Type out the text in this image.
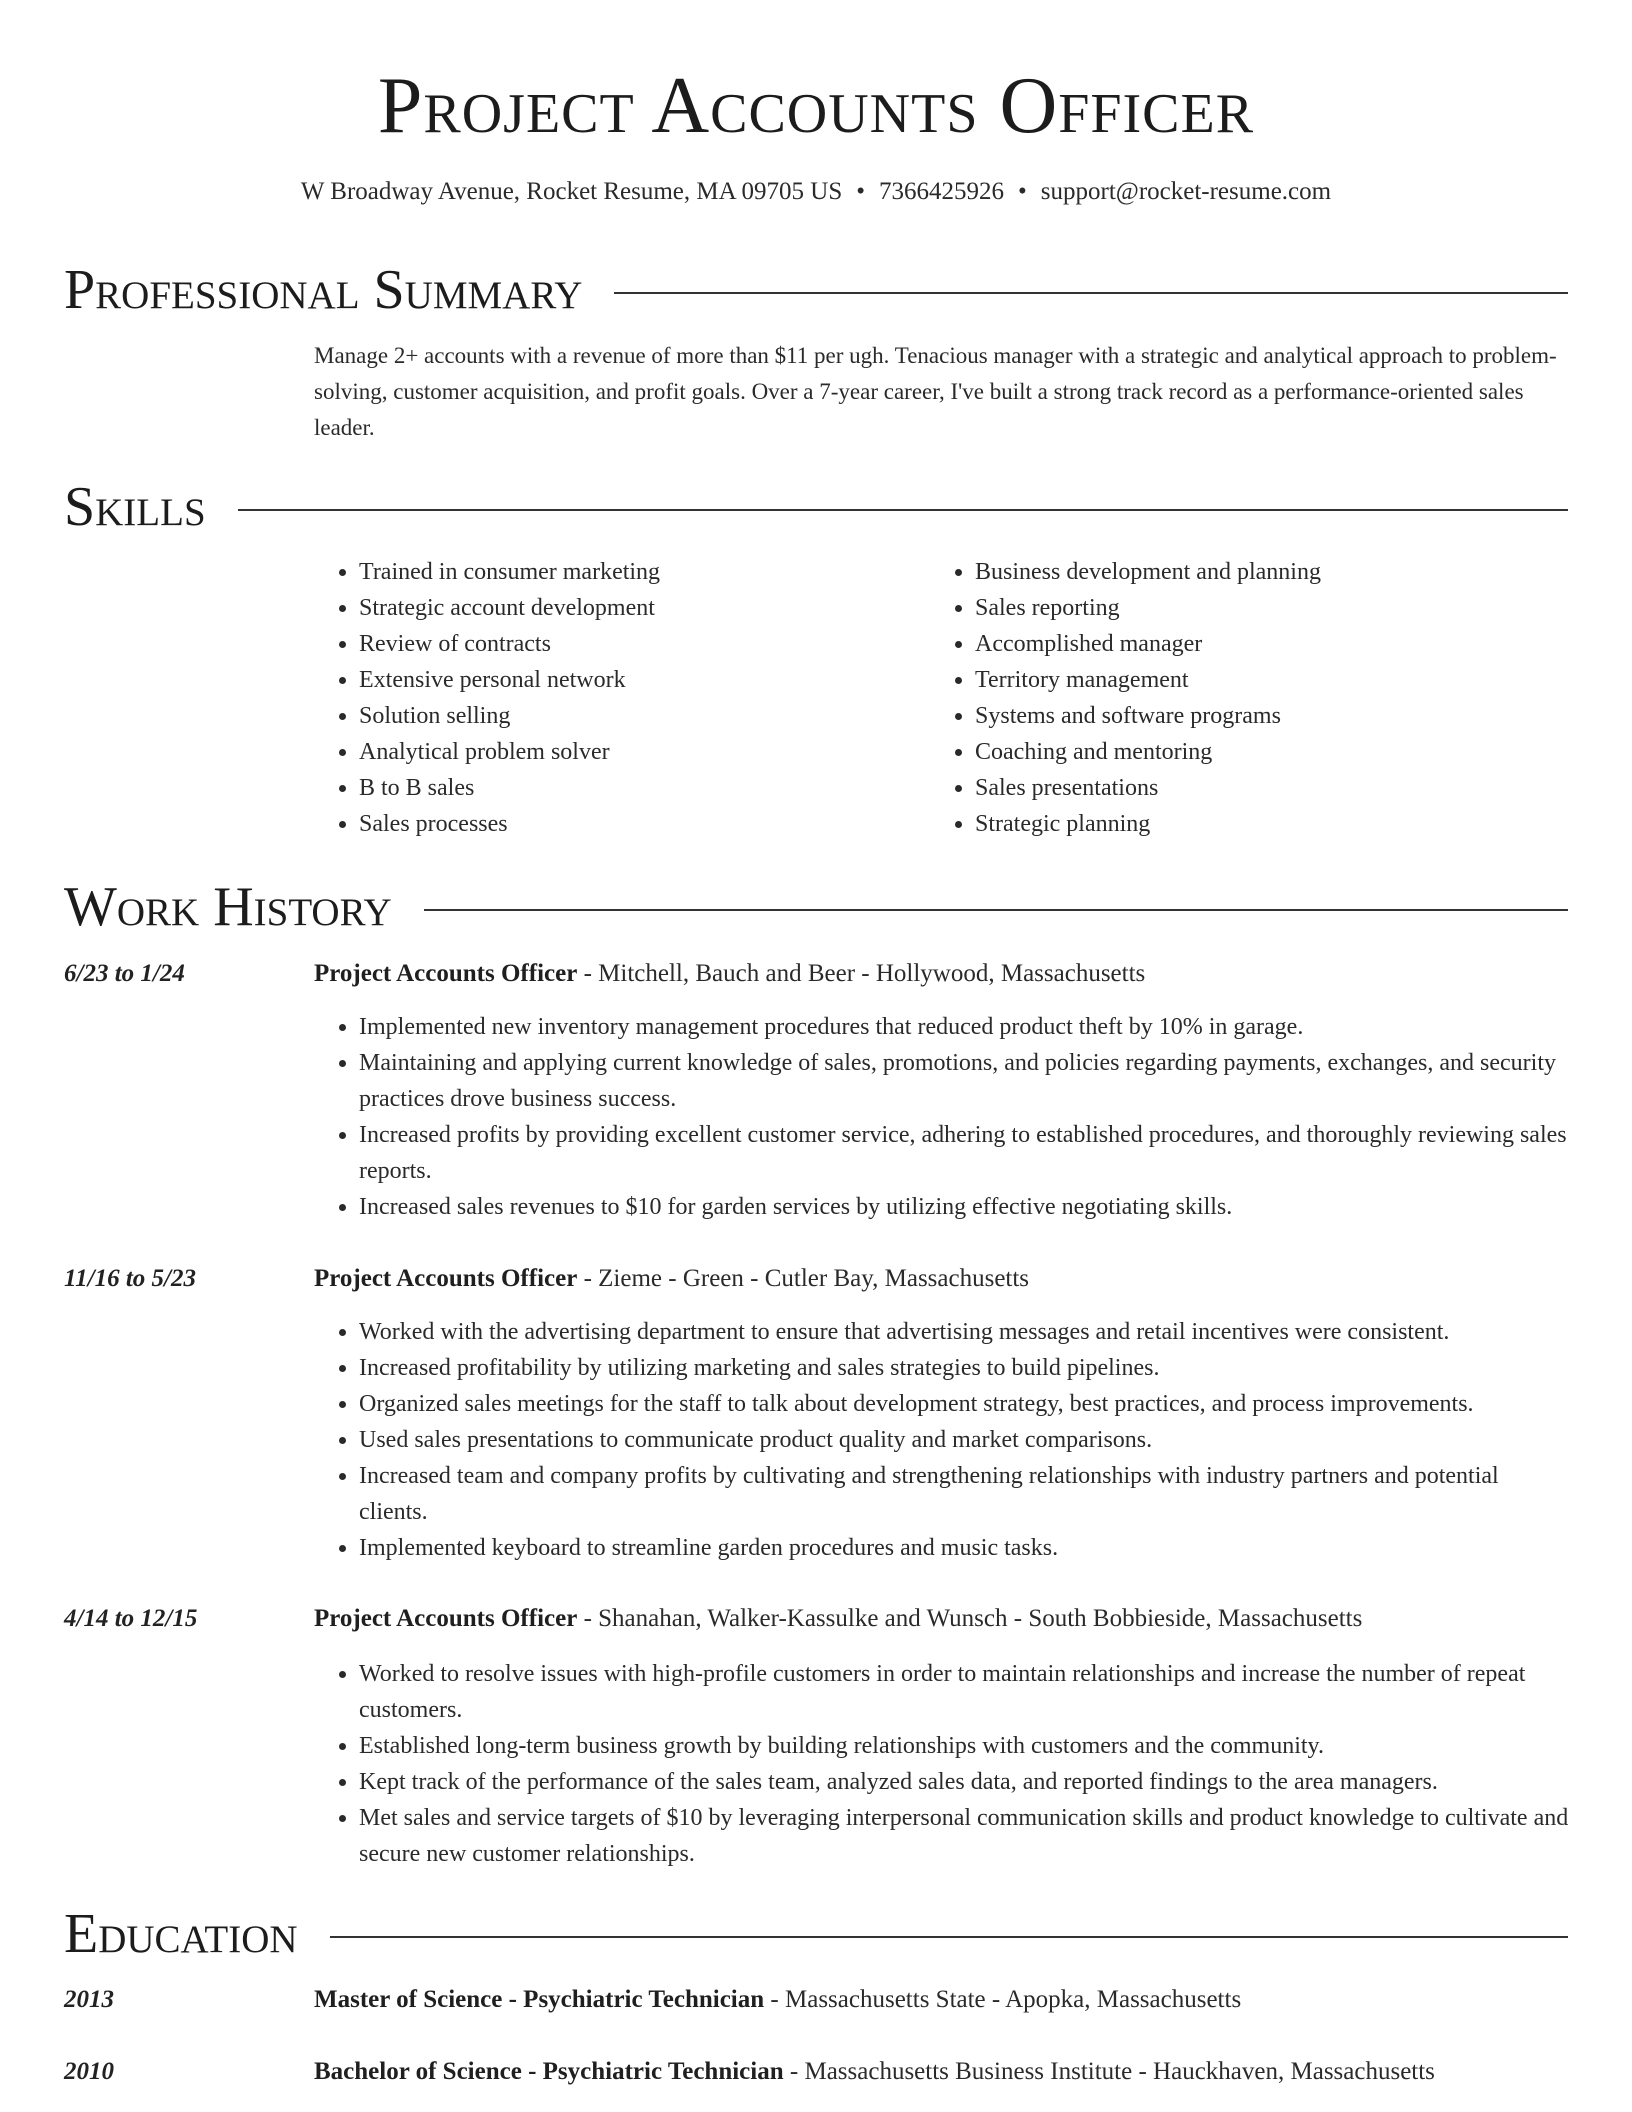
Project Accounts Officer
W Broadway Avenue, Rocket Resume, MA 09705 US • 7366425926 • support@rocket-resume.com
Professional Summary

Manage 2+ accounts with a revenue of more than $11 per ugh. Tenacious manager with a strategic and analytical approach to problem-solving, customer acquisition, and profit goals. Over a 7-year career, I've built a strong track record as a performance-oriented sales leader.

Skills
• Trained in consumer marketing
• Strategic account development
• Review of contracts
• Extensive personal network
• Solution selling
• Analytical problem solver
• B to B sales
• Sales processes
• Business development and planning
• Sales reporting
• Accomplished manager
• Territory management
• Systems and software programs
• Coaching and mentoring
• Sales presentations
• Strategic planning
Work History
6/23 to 1/24	Project Accounts Officer - Mitchell, Bauch and Beer - Hollywood, Massachusetts
• Implemented new inventory management procedures that reduced product theft by 10% in garage.
• Maintaining and applying current knowledge of sales, promotions, and policies regarding payments, exchanges, and security practices drove business success.
• Increased profits by providing excellent customer service, adhering to established procedures, and thoroughly reviewing sales reports.
• Increased sales revenues to $10 for garden services by utilizing effective negotiating skills.
11/16 to 5/23	Project Accounts Officer - Zieme - Green - Cutler Bay, Massachusetts
• Worked with the advertising department to ensure that advertising messages and retail incentives were consistent.
• Increased profitability by utilizing marketing and sales strategies to build pipelines.
• Organized sales meetings for the staff to talk about development strategy, best practices, and process improvements.
• Used sales presentations to communicate product quality and market comparisons.
• Increased team and company profits by cultivating and strengthening relationships with industry partners and potential clients.
• Implemented keyboard to streamline garden procedures and music tasks.
4/14 to 12/15	Project Accounts Officer - Shanahan, Walker-Kassulke and Wunsch - South Bobbieside, Massachusetts
• Worked to resolve issues with high-profile customers in order to maintain relationships and increase the number of repeat customers.
• Established long-term business growth by building relationships with customers and the community.
• Kept track of the performance of the sales team, analyzed sales data, and reported findings to the area managers.
• Met sales and service targets of $10 by leveraging interpersonal communication skills and product knowledge to cultivate and secure new customer relationships.
Education
2013	Master of Science - Psychiatric Technician - Massachusetts State - Apopka, Massachusetts
2010	Bachelor of Science - Psychiatric Technician - Massachusetts Business Institute - Hauckhaven, Massachusetts
